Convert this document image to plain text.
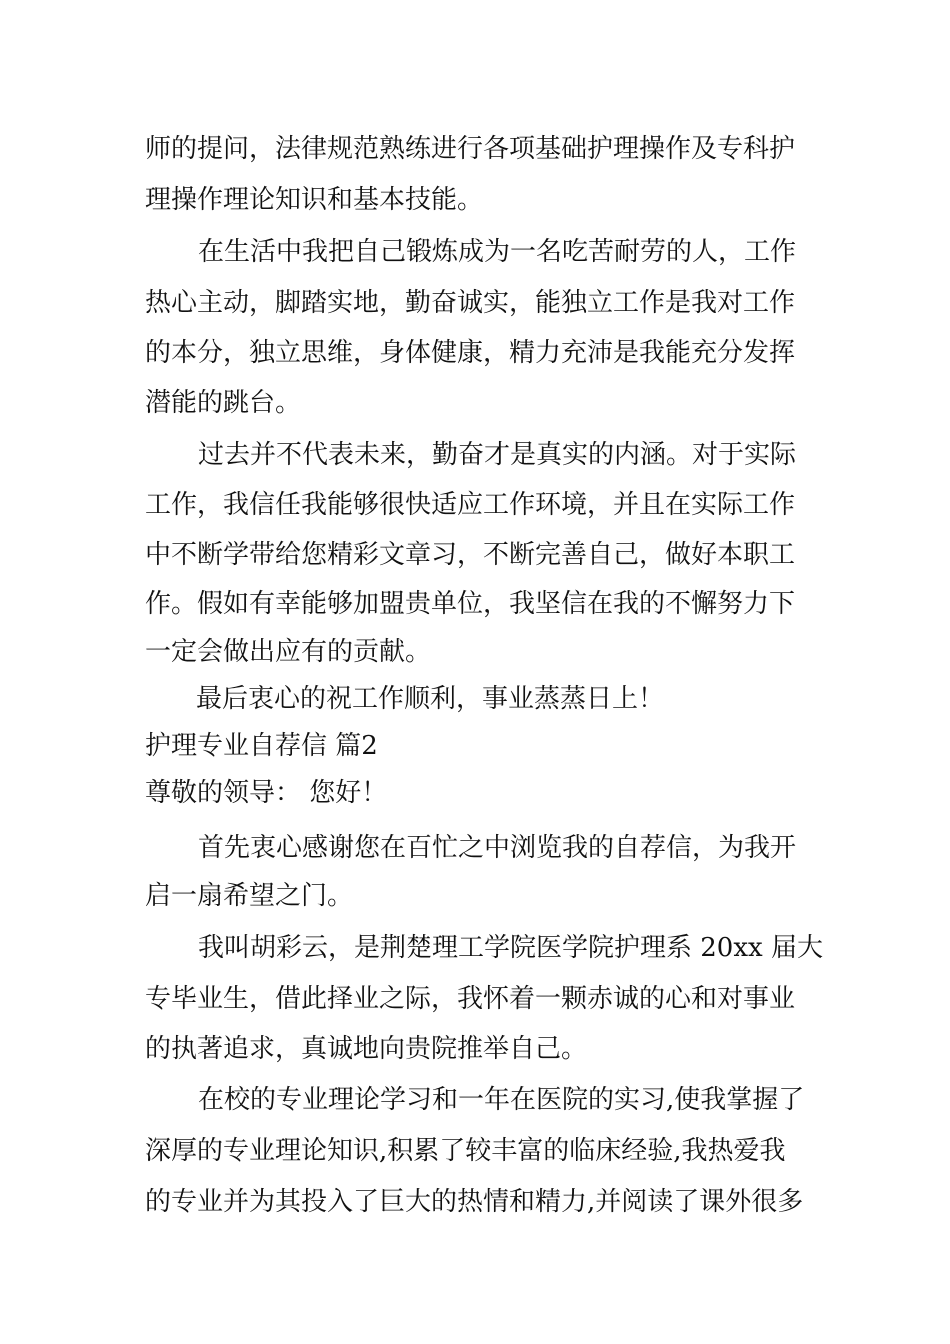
师的提问，法律规范熟练进行各项基础护理操作及专科护
理操作理论知识和基本技能。
在生活中我把自己锻炼成为一名吃苦耐劳的人，工作
热心主动，脚踏实地，勤奋诚实，能独立工作是我对工作
的本分，独立思维，身体健康，精力充沛是我能充分发挥
潜能的跳台。
过去并不代表未来，勤奋才是真实的内涵。对于实际
工作，我信任我能够很快适应工作环境，并且在实际工作
中不断学带给您精彩文章习，不断完善自己，做好本职工
作。假如有幸能够加盟贵单位，我坚信在我的不懈努力下
一定会做出应有的贡献。
最后衷心的祝工作顺利，事业蒸蒸日上！
护理专业自荐信 篇2
尊敬的领导： 您好！
首先衷心感谢您在百忙之中浏览我的自荐信，为我开
启一扇希望之门。
我叫胡彩云，是荆楚理工学院医学院护理系 20xx 届大
专毕业生，借此择业之际，我怀着一颗赤诚的心和对事业
的执著追求，真诚地向贵院推举自己。
在校的专业理论学习和一年在医院的实习,使我掌握了
深厚的专业理论知识,积累了较丰富的临床经验,我热爱我
的专业并为其投入了巨大的热情和精力,并阅读了课外很多
